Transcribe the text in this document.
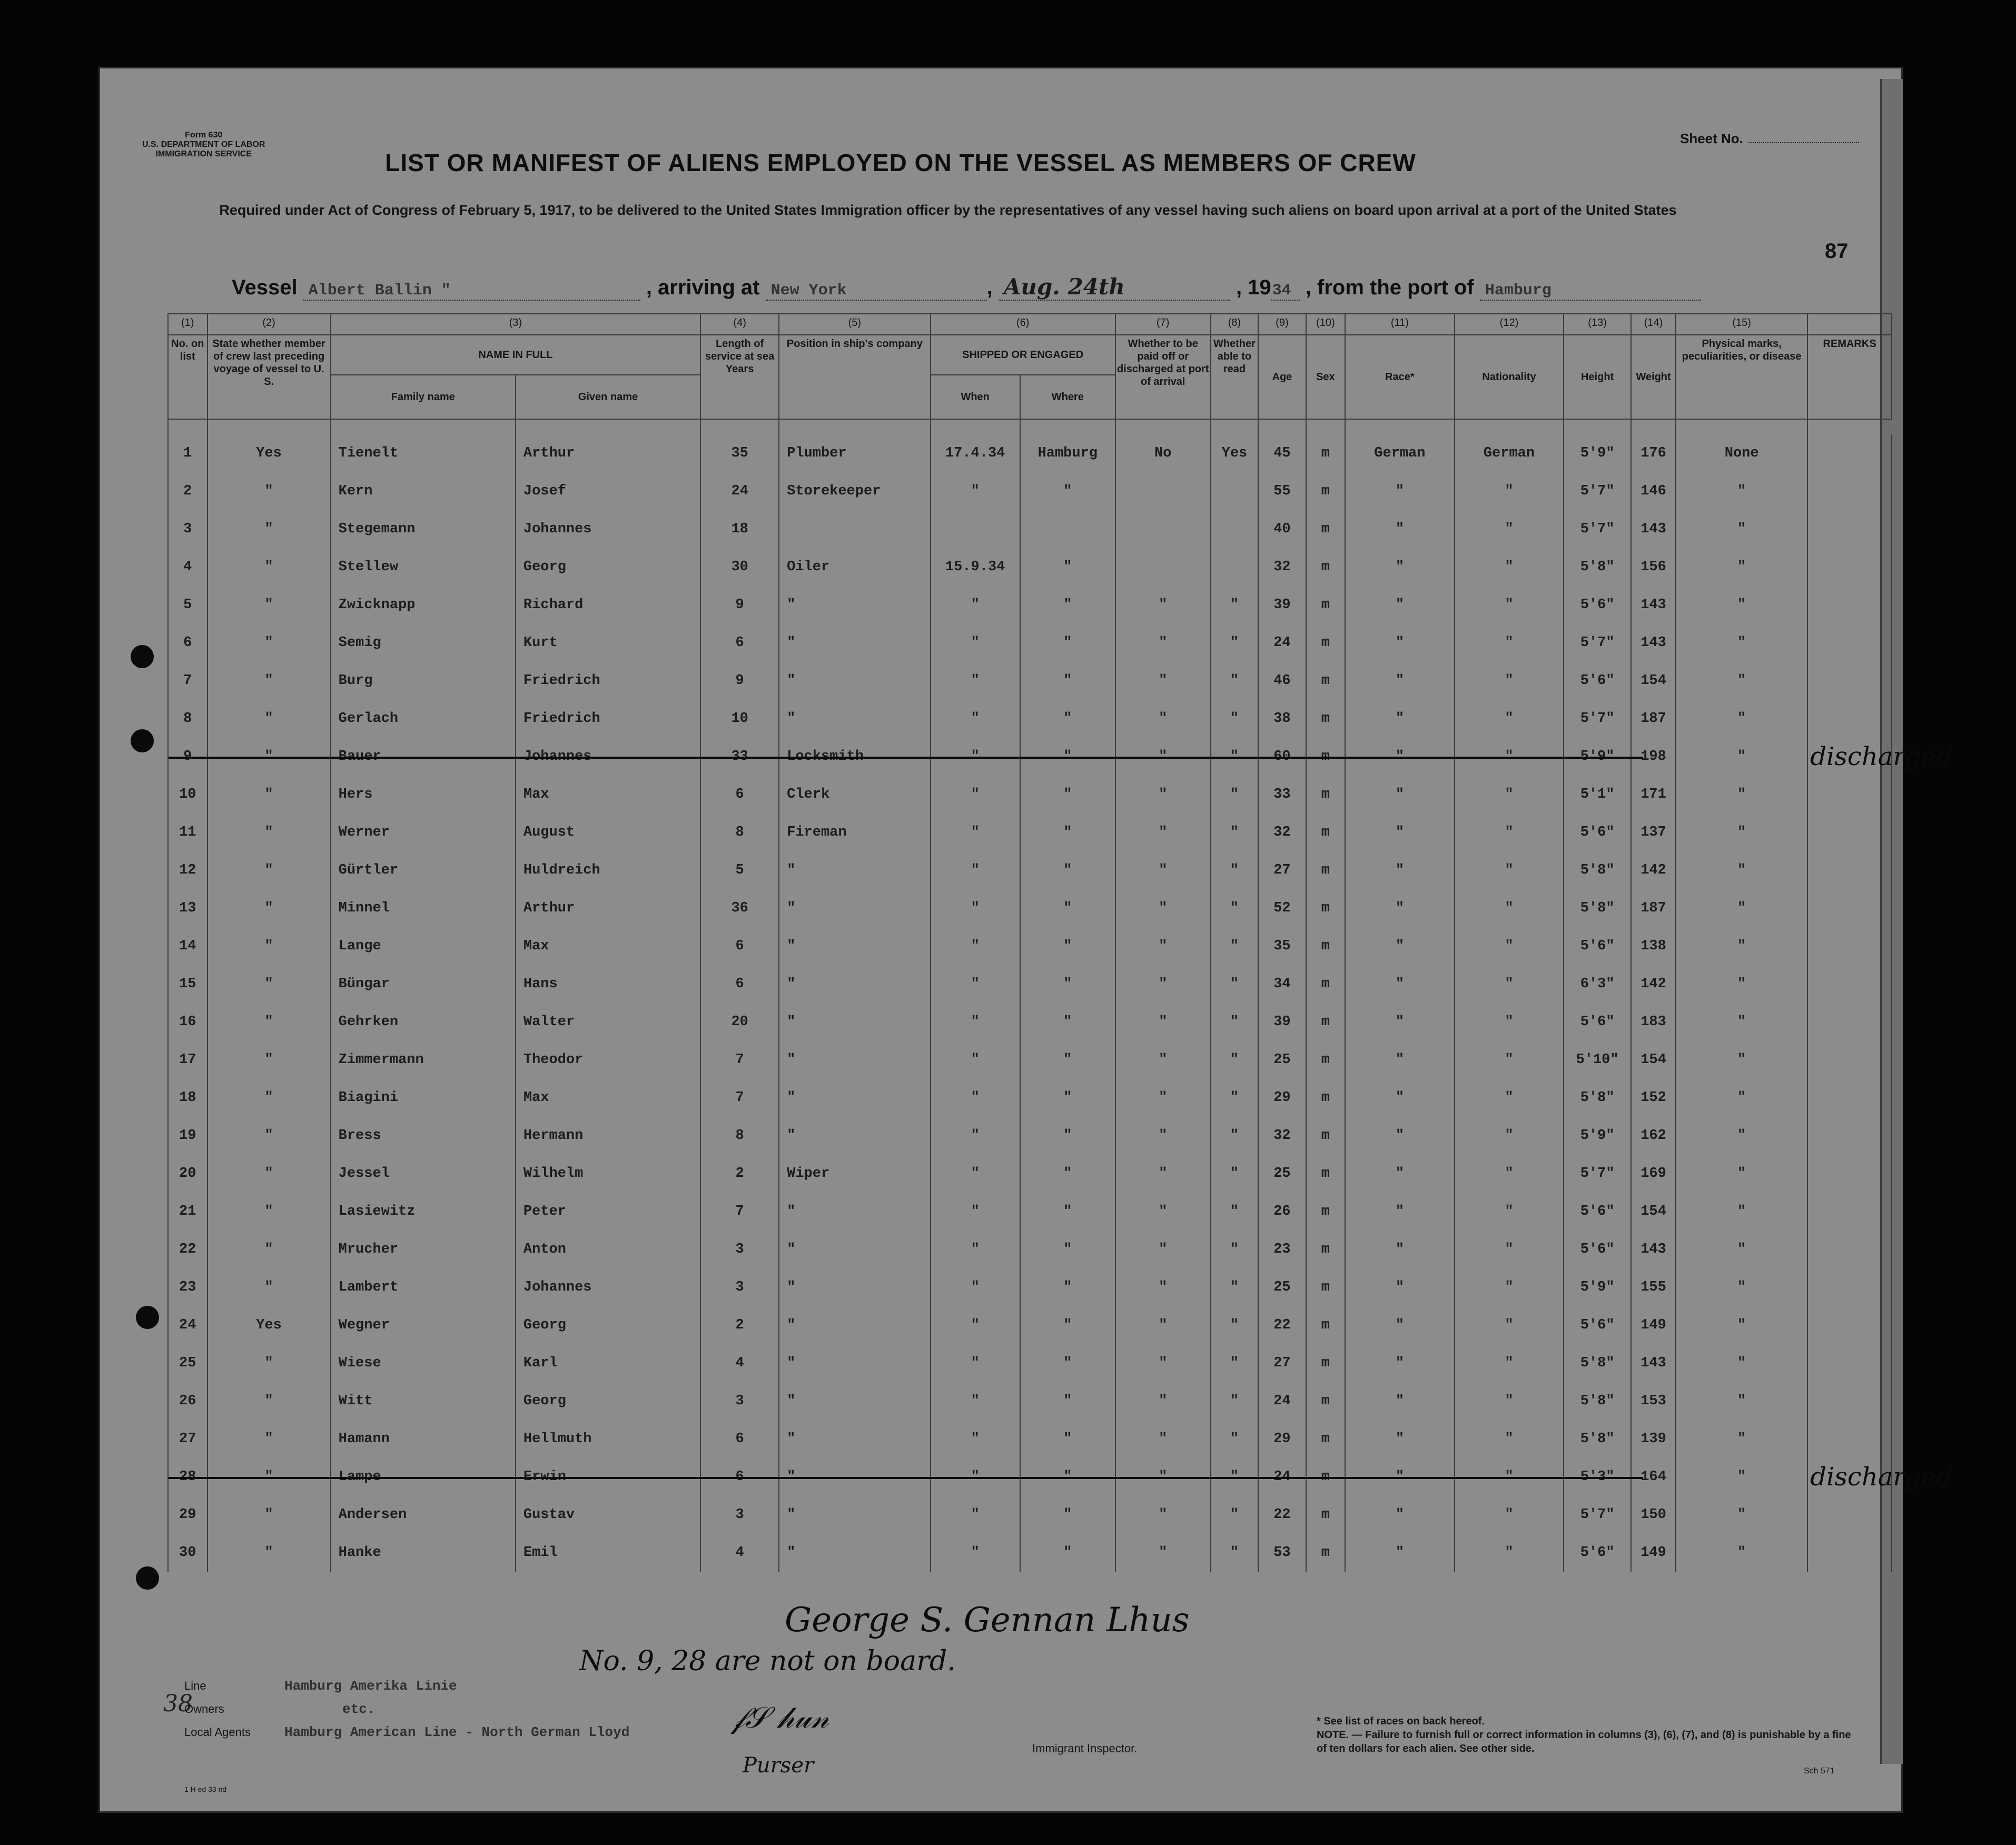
Form 630
U.S. DEPARTMENT OF LABOR
IMMIGRATION SERVICE
Sheet No.
LIST OR MANIFEST OF ALIENS EMPLOYED ON THE VESSEL AS MEMBERS OF CREW
Required under Act of Congress of February 5, 1917, to be delivered to the United States Immigration officer by the representatives of any vessel having such aliens on board upon arrival at a port of the United States
87
Vessel Albert Ballin "	, arriving at New York	, Aug. 24th	, 1934 , from the port of Hamburg
(1)	(2)	(3)		(4)	(5)	(6)		(7)	(8)	(9)	(10)	(11)	(12)	(13)	(14)	(15)	
No. on list	State whether member of crew last preceding voyage of vessel to U. S.	NAME IN FULL		Length of service at sea
Years	Position in ship's company	SHIPPED OR ENGAGED		Whether to be paid off or discharged at port of arrival	Whether able to read	Age	Sex	Race*	Nationality	Height	Weight	Physical marks, peculiarities, or disease	REMARKS
		Family name	Given name			When	Where										

1	Yes	Tienelt	Arthur	35	Plumber	17.4.34	Hamburg	No	Yes	45	m	German	German	5'9"	176	None	
2	"	Kern	Josef	24	Storekeeper	"	"			55	m	"	"	5'7"	146	"	
3	"	Stegemann	Johannes	18						40	m	"	"	5'7"	143	"	
4	"	Stellew	Georg	30	Oiler	15.9.34	"			32	m	"	"	5'8"	156	"	
5	"	Zwicknapp	Richard	9	"	"	"	"	"	39	m	"	"	5'6"	143	"	
6	"	Semig	Kurt	6	"	"	"	"	"	24	m	"	"	5'7"	143	"	
7	"	Burg	Friedrich	9	"	"	"	"	"	46	m	"	"	5'6"	154	"	
8	"	Gerlach	Friedrich	10	"	"	"	"	"	38	m	"	"	5'7"	187	"	
9	"	Bauer	Johannes	33	Locksmith	"	"	"	"	60	m	"	"	5'9"	198	"	discharged
10	"	Hers	Max	6	Clerk	"	"	"	"	33	m	"	"	5'1"	171	"	
11	"	Werner	August	8	Fireman	"	"	"	"	32	m	"	"	5'6"	137	"	
12	"	Gürtler	Huldreich	5	"	"	"	"	"	27	m	"	"	5'8"	142	"	
13	"	Minnel	Arthur	36	"	"	"	"	"	52	m	"	"	5'8"	187	"	
14	"	Lange	Max	6	"	"	"	"	"	35	m	"	"	5'6"	138	"	
15	"	Büngar	Hans	6	"	"	"	"	"	34	m	"	"	6'3"	142	"	
16	"	Gehrken	Walter	20	"	"	"	"	"	39	m	"	"	5'6"	183	"	
17	"	Zimmermann	Theodor	7	"	"	"	"	"	25	m	"	"	5'10"	154	"	
18	"	Biagini	Max	7	"	"	"	"	"	29	m	"	"	5'8"	152	"	
19	"	Bress	Hermann	8	"	"	"	"	"	32	m	"	"	5'9"	162	"	
20	"	Jessel	Wilhelm	2	Wiper	"	"	"	"	25	m	"	"	5'7"	169	"	
21	"	Lasiewitz	Peter	7	"	"	"	"	"	26	m	"	"	5'6"	154	"	
22	"	Mrucher	Anton	3	"	"	"	"	"	23	m	"	"	5'6"	143	"	
23	"	Lambert	Johannes	3	"	"	"	"	"	25	m	"	"	5'9"	155	"	
24	Yes	Wegner	Georg	2	"	"	"	"	"	22	m	"	"	5'6"	149	"	
25	"	Wiese	Karl	4	"	"	"	"	"	27	m	"	"	5'8"	143	"	
26	"	Witt	Georg	3	"	"	"	"	"	24	m	"	"	5'8"	153	"	
27	"	Hamann	Hellmuth	6	"	"	"	"	"	29	m	"	"	5'8"	139	"	
28	"	Lampe	Erwin	6	"	"	"	"	"	24	m	"	"	5'3"	164	"	discharged
29	"	Andersen	Gustav	3	"	"	"	"	"	22	m	"	"	5'7"	150	"	
30	"	Hanke	Emil	4	"	"	"	"	"	53	m	"	"	5'6"	149	"	
George S. Gennan Lhus
No. 9, 28 are not on board.
𝒻𝒮 𝒽𝓊𝓃
38
Line	Hamburg Amerika Linie
Owners	etc.
Local Agents Hamburg American Line - North German Lloyd
Purser
Immigrant Inspector.
* See list of races on back hereof.
NOTE. — Failure to furnish full or correct information in columns (3), (6), (7), and (8) is punishable by a fine of ten dollars for each alien. See other side.
Sch 571
1 H ed 33 nd
